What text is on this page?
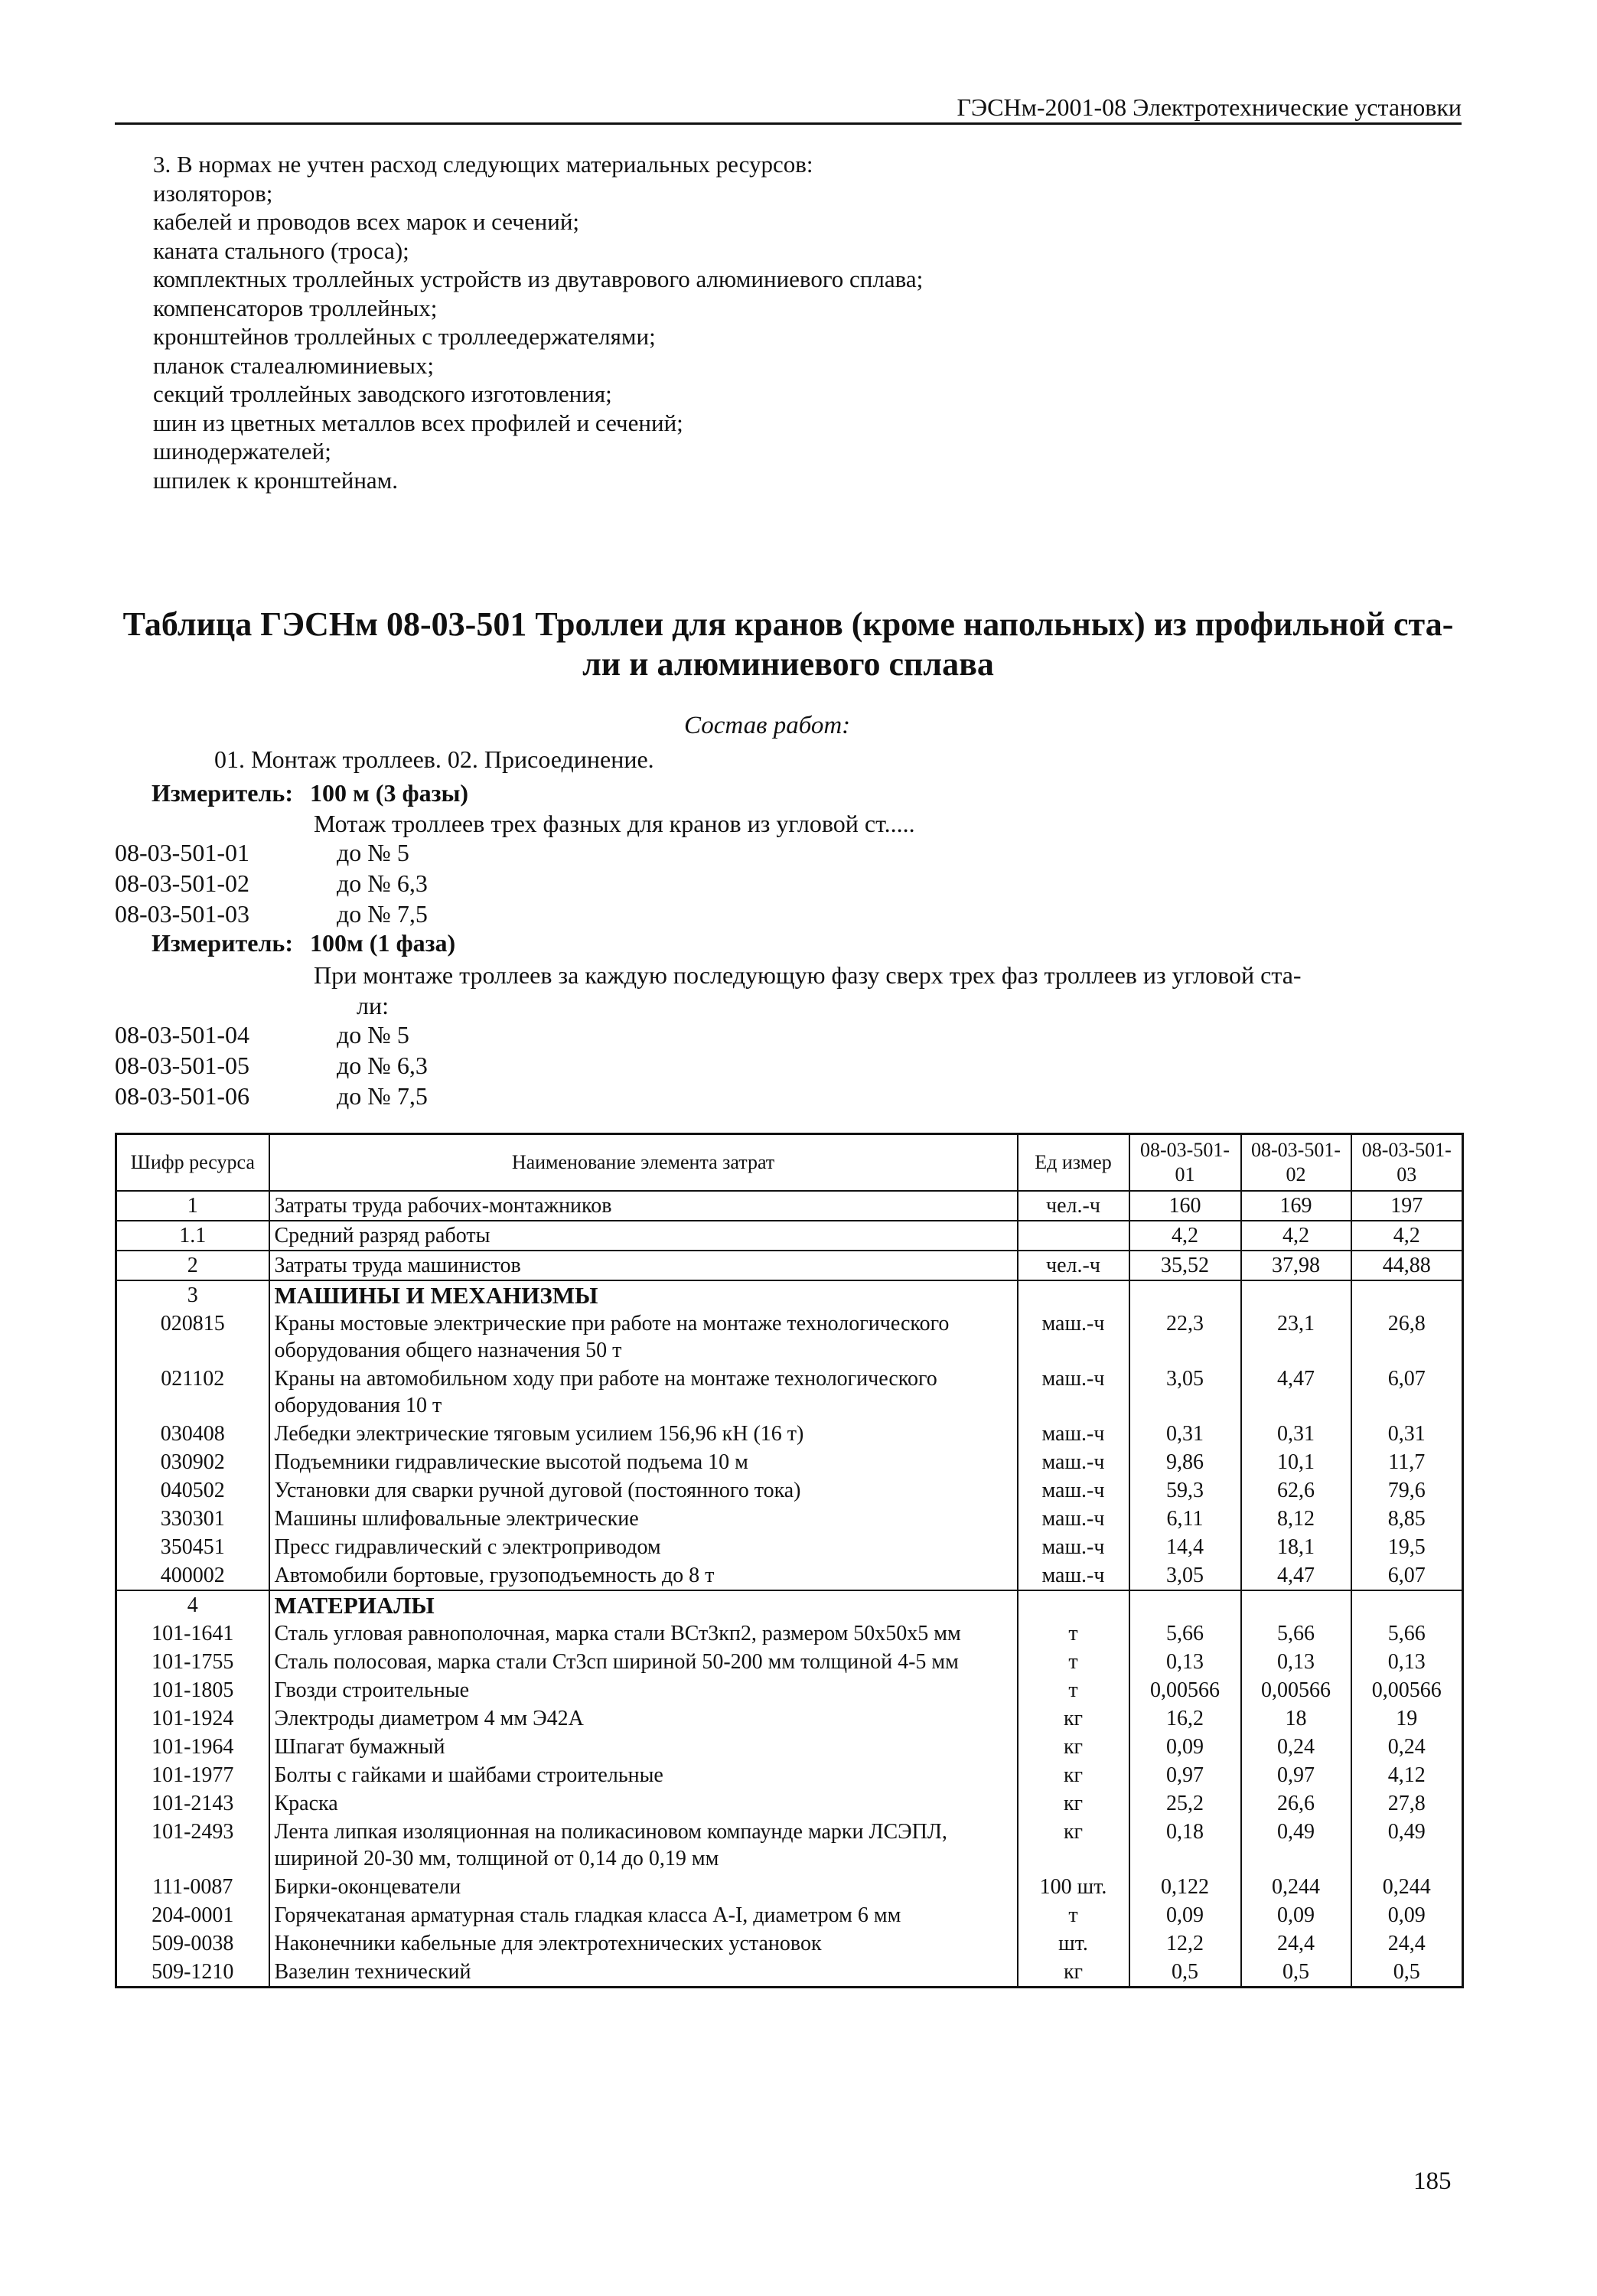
ГЭСНм-2001-08 Электротехнические установки
3. В нормах не учтен расход следующих материальных ресурсов:
изоляторов;
кабелей и проводов всех марок и сечений;
каната стального (троса);
комплектных троллейных устройств из двутаврового алюминиевого сплава;
компенсаторов троллейных;
кронштейнов троллейных с троллеедержателями;
планок сталеалюминиевых;
секций троллейных заводского изготовления;
шин из цветных металлов всех профилей и сечений;
шинодержателей;
шпилек к кронштейнам.
Таблица ГЭСНм 08-03-501 Троллеи для кранов (кроме напольных) из профильной ста-
ли и алюминиевого сплава
Состав работ:
01. Монтаж троллеев. 02. Присоединение.
Измеритель: 100 м (3 фазы)
Мотаж троллеев трех фазных для кранов из угловой ст.....
08-03-501-01	до № 5
08-03-501-02	до № 6,3
08-03-501-03	до № 7,5
Измеритель: 100м (1 фаза)
При монтаже троллеев за каждую последующую фазу сверх трех фаз троллеев из угловой ста-
ли:
08-03-501-04	до № 5
08-03-501-05	до № 6,3
08-03-501-06	до № 7,5
Шифр ресурса	Наименование элемента затрат	Ед измер	08-03-501-01	08-03-501-02	08-03-501-03
1	Затраты труда рабочих-монтажников	чел.-ч	160	169	197
1.1	Средний разряд работы		4,2	4,2	4,2
2	Затраты труда машинистов	чел.-ч	35,52	37,98	44,88
3	МАШИНЫ И МЕХАНИЗМЫ				
020815	Краны мостовые электрические при работе на монтаже технологического оборудования общего назначения 50 т	маш.-ч	22,3	23,1	26,8
021102	Краны на автомобильном ходу при работе на монтаже технологического оборудования 10 т	маш.-ч	3,05	4,47	6,07
030408	Лебедки электрические тяговым усилием 156,96 кН (16 т)	маш.-ч	0,31	0,31	0,31
030902	Подъемники гидравлические высотой подъема 10 м	маш.-ч	9,86	10,1	11,7
040502	Установки для сварки ручной дуговой (постоянного тока)	маш.-ч	59,3	62,6	79,6
330301	Машины шлифовальные электрические	маш.-ч	6,11	8,12	8,85
350451	Пресс гидравлический с электроприводом	маш.-ч	14,4	18,1	19,5
400002	Автомобили бортовые, грузоподъемность до 8 т	маш.-ч	3,05	4,47	6,07
4	МАТЕРИАЛЫ				
101-1641	Сталь угловая равнополочная, марка стали ВСт3кп2, размером 50х50х5 мм	т	5,66	5,66	5,66
101-1755	Сталь полосовая, марка стали Ст3сп шириной 50-200 мм толщиной 4-5 мм	т	0,13	0,13	0,13
101-1805	Гвозди строительные	т	0,00566	0,00566	0,00566
101-1924	Электроды диаметром 4 мм Э42А	кг	16,2	18	19
101-1964	Шпагат бумажный	кг	0,09	0,24	0,24
101-1977	Болты с гайками и шайбами строительные	кг	0,97	0,97	4,12
101-2143	Краска	кг	25,2	26,6	27,8
101-2493	Лента липкая изоляционная на поликасиновом компаунде марки ЛСЭПЛ, шириной 20-30 мм, толщиной от 0,14 до 0,19 мм	кг	0,18	0,49	0,49
111-0087	Бирки-оконцеватели	100 шт.	0,122	0,244	0,244
204-0001	Горячекатаная арматурная сталь гладкая класса А-I, диаметром 6 мм	т	0,09	0,09	0,09
509-0038	Наконечники кабельные для электротехнических установок	шт.	12,2	24,4	24,4
509-1210	Вазелин технический	кг	0,5	0,5	0,5
185
